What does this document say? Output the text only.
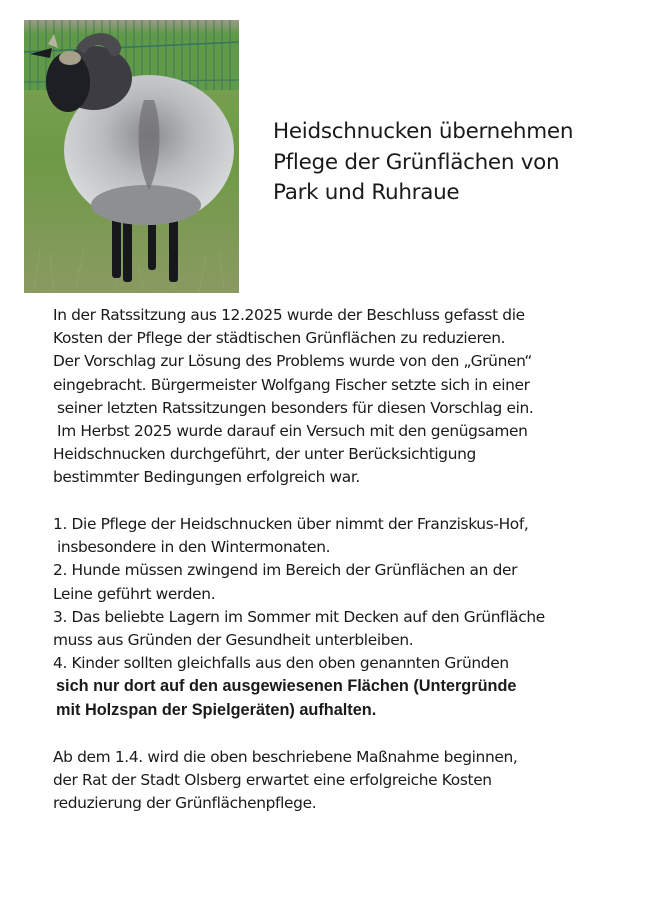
Heidschnucken übernehmen
Pflege der Grünflächen von
Park und Ruhraue
In der Ratssitzung aus 12.2025 wurde der Beschluss gefasst die
Kosten der Pflege der städtischen Grünflächen zu reduzieren.
Der Vorschlag zur Lösung des Problems wurde von den „Grünen“
eingebracht. Bürgermeister Wolfgang Fischer setzte sich in einer
seiner letzten Ratssitzungen besonders für diesen Vorschlag ein.
Im Herbst 2025 wurde darauf ein Versuch mit den genügsamen
Heidschnucken durchgeführt, der unter Berücksichtigung
bestimmter Bedingungen erfolgreich war.
1. Die Pflege der Heidschnucken über nimmt der Franziskus-Hof,
insbesondere in den Wintermonaten.
2. Hunde müssen zwingend im Bereich der Grünflächen an der
Leine geführt werden.
3. Das beliebte Lagern im Sommer mit Decken auf den Grünfläche
muss aus Gründen der Gesundheit unterbleiben.
4. Kinder sollten gleichfalls aus den oben genannten Gründen
sich nur dort auf den ausgewiesenen Flächen (Untergründe
mit Holzspan der Spielgeräten) aufhalten.
Ab dem 1.4. wird die oben beschriebene Maßnahme beginnen,
der Rat der Stadt Olsberg erwartet eine erfolgreiche Kosten
reduzierung der Grünflächenpflege.
